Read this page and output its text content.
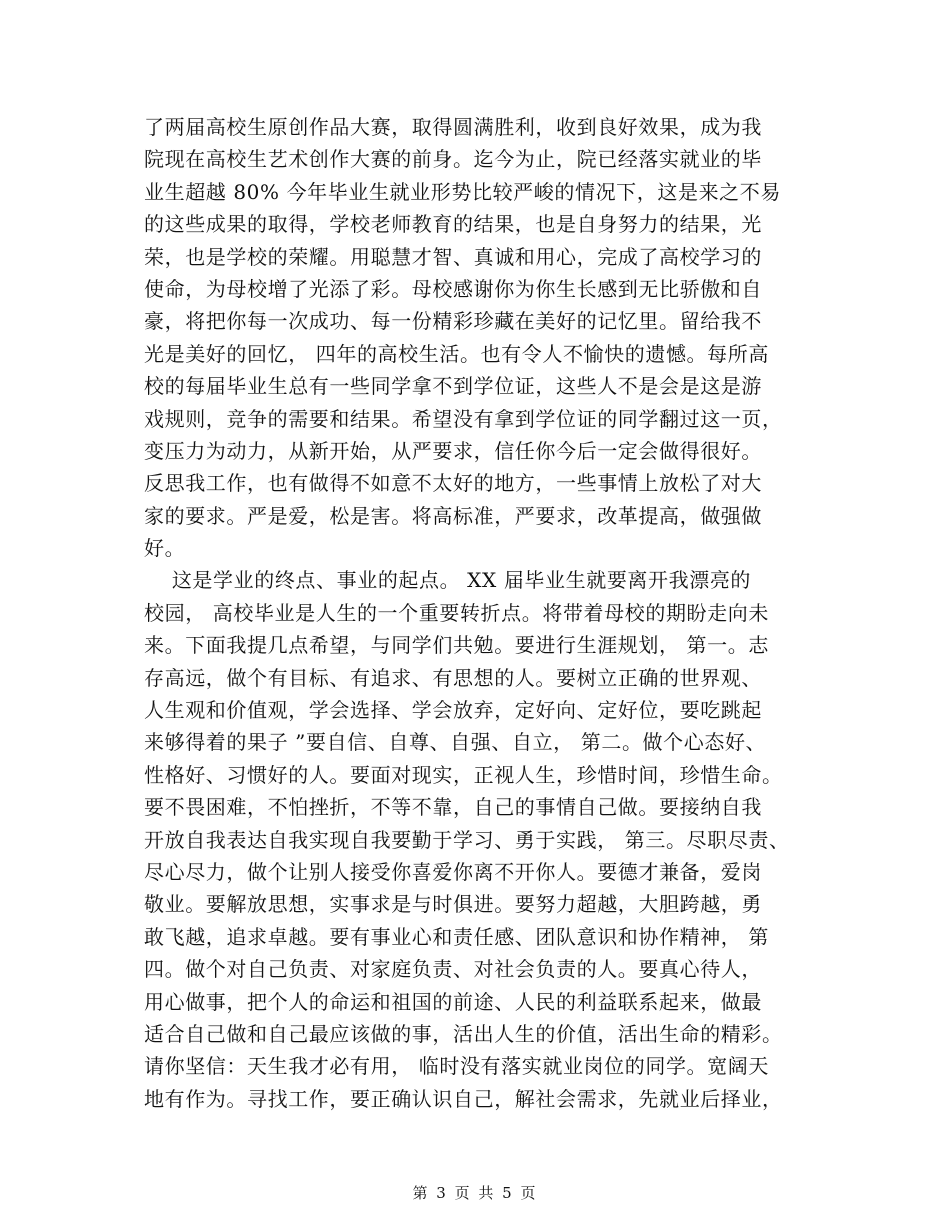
了两届高校生原创作品大赛，取得圆满胜利，收到良好效果，成为我
院现在高校生艺术创作大赛的前身。迄今为止，院已经落实就业的毕
业生超越 80% 今年毕业生就业形势比较严峻的情况下，这是来之不易
的这些成果的取得，学校老师教育的结果，也是自身努力的结果，光
荣，也是学校的荣耀。用聪慧才智、真诚和用心，完成了高校学习的
使命，为母校增了光添了彩。母校感谢你为你生长感到无比骄傲和自
豪，将把你每一次成功、每一份精彩珍藏在美好的记忆里。留给我不
光是美好的回忆， 四年的高校生活。也有令人不愉快的遗憾。每所高
校的每届毕业生总有一些同学拿不到学位证，这些人不是会是这是游
戏规则，竞争的需要和结果。希望没有拿到学位证的同学翻过这一页，
变压力为动力，从新开始，从严要求，信任你今后一定会做得很好。
反思我工作，也有做得不如意不太好的地方，一些事情上放松了对大
家的要求。严是爱，松是害。将高标准，严要求，改革提高，做强做
好。
这是学业的终点、事业的起点。 XX 届毕业生就要离开我漂亮的
校园， 高校毕业是人生的一个重要转折点。将带着母校的期盼走向未
来。下面我提几点希望，与同学们共勉。要进行生涯规划， 第一。志
存高远，做个有目标、有追求、有思想的人。要树立正确的世界观、
人生观和价值观，学会选择、学会放弃，定好向、定好位，要吃跳起
来够得着的果子 ”要自信、自尊、自强、自立， 第二。做个心态好、
性格好、习惯好的人。要面对现实，正视人生，珍惜时间，珍惜生命。
要不畏困难，不怕挫折，不等不靠，自己的事情自己做。要接纳自我
开放自我表达自我实现自我要勤于学习、勇于实践， 第三。尽职尽责、
尽心尽力，做个让别人接受你喜爱你离不开你人。要德才兼备，爱岗
敬业。要解放思想，实事求是与时俱进。要努力超越，大胆跨越，勇
敢飞越，追求卓越。要有事业心和责任感、团队意识和协作精神， 第
四。做个对自己负责、对家庭负责、对社会负责的人。要真心待人，
用心做事，把个人的命运和祖国的前途、人民的利益联系起来，做最
适合自己做和自己最应该做的事，活出人生的价值，活出生命的精彩。
请你坚信：天生我才必有用， 临时没有落实就业岗位的同学。宽阔天
地有作为。寻找工作，要正确认识自己，解社会需求，先就业后择业，
第 3 页 共 5 页
